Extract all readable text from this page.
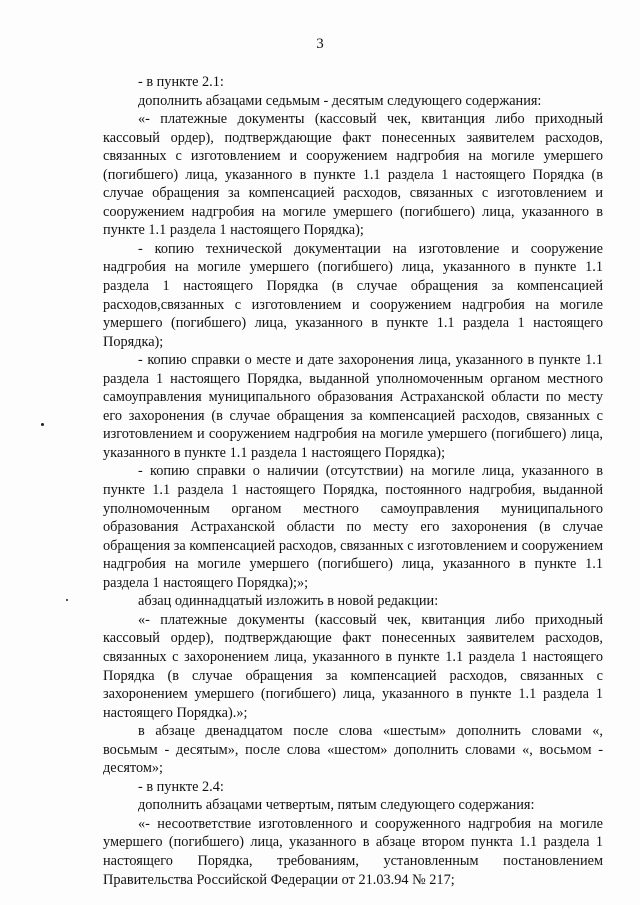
3

- в пункте 2.1:

дополнить абзацами седьмым - десятым следующего содержания:

«- платежные документы (кассовый чек, квитанция либо приходный кассовый ордер), подтверждающие факт понесенных заявителем расходов, связанных с изготовлением и сооружением надгробия на могиле умершего (погибшего) лица, указанного в пункте 1.1 раздела 1 настоящего Порядка (в случае обращения за компенсацией расходов, связанных с изготовлением и сооружением надгробия на могиле умершего (погибшего) лица, указанного в пункте 1.1 раздела 1 настоящего Порядка);

- копию технической документации на изготовление и сооружение надгробия на могиле умершего (погибшего) лица, указанного в пункте 1.1 раздела 1 настоящего Порядка (в случае обращения за компенсацией расходов,связанных с изготовлением и сооружением надгробия на могиле умершего (погибшего) лица, указанного в пункте 1.1 раздела 1 настоящего Порядка);

- копию справки о месте и дате захоронения лица, указанного в пункте 1.1 раздела 1 настоящего Порядка, выданной уполномоченным органом местного самоуправления муниципального образования Астраханской области по месту его захоронения (в случае обращения за компенсацией расходов, связанных с изготовлением и сооружением надгробия на могиле умершего (погибшего) лица, указанного в пункте 1.1 раздела 1 настоящего Порядка);

- копию справки о наличии (отсутствии) на могиле лица, указанного в пункте 1.1 раздела 1 настоящего Порядка, постоянного надгробия, выданной уполномоченным органом местного самоуправления муниципального образования Астраханской области по месту его захоронения (в случае обращения за компенсацией расходов, связанных с изготовлением и сооружением надгробия на могиле умершего (погибшего) лица, указанного в пункте 1.1 раздела 1 настоящего Порядка);»;

абзац одиннадцатый изложить в новой редакции:

«- платежные документы (кассовый чек, квитанция либо приходный кассовый ордер), подтверждающие факт понесенных заявителем расходов, связанных с захоронением лица, указанного в пункте 1.1 раздела 1 настоящего Порядка (в случае обращения за компенсацией расходов, связанных с захоронением умершего (погибшего) лица, указанного в пункте 1.1 раздела 1 настоящего Порядка).»;

в абзаце двенадцатом после слова «шестым» дополнить словами «, восьмым - десятым», после слова «шестом» дополнить словами «, восьмом - десятом»;

- в пункте 2.4:

дополнить абзацами четвертым, пятым следующего содержания:

«- несоответствие изготовленного и сооруженного надгробия на могиле умершего (погибшего) лица, указанного в абзаце втором пункта 1.1 раздела 1 настоящего Порядка, требованиям, установленным постановлением Правительства Российской Федерации от 21.03.94 № 217;
